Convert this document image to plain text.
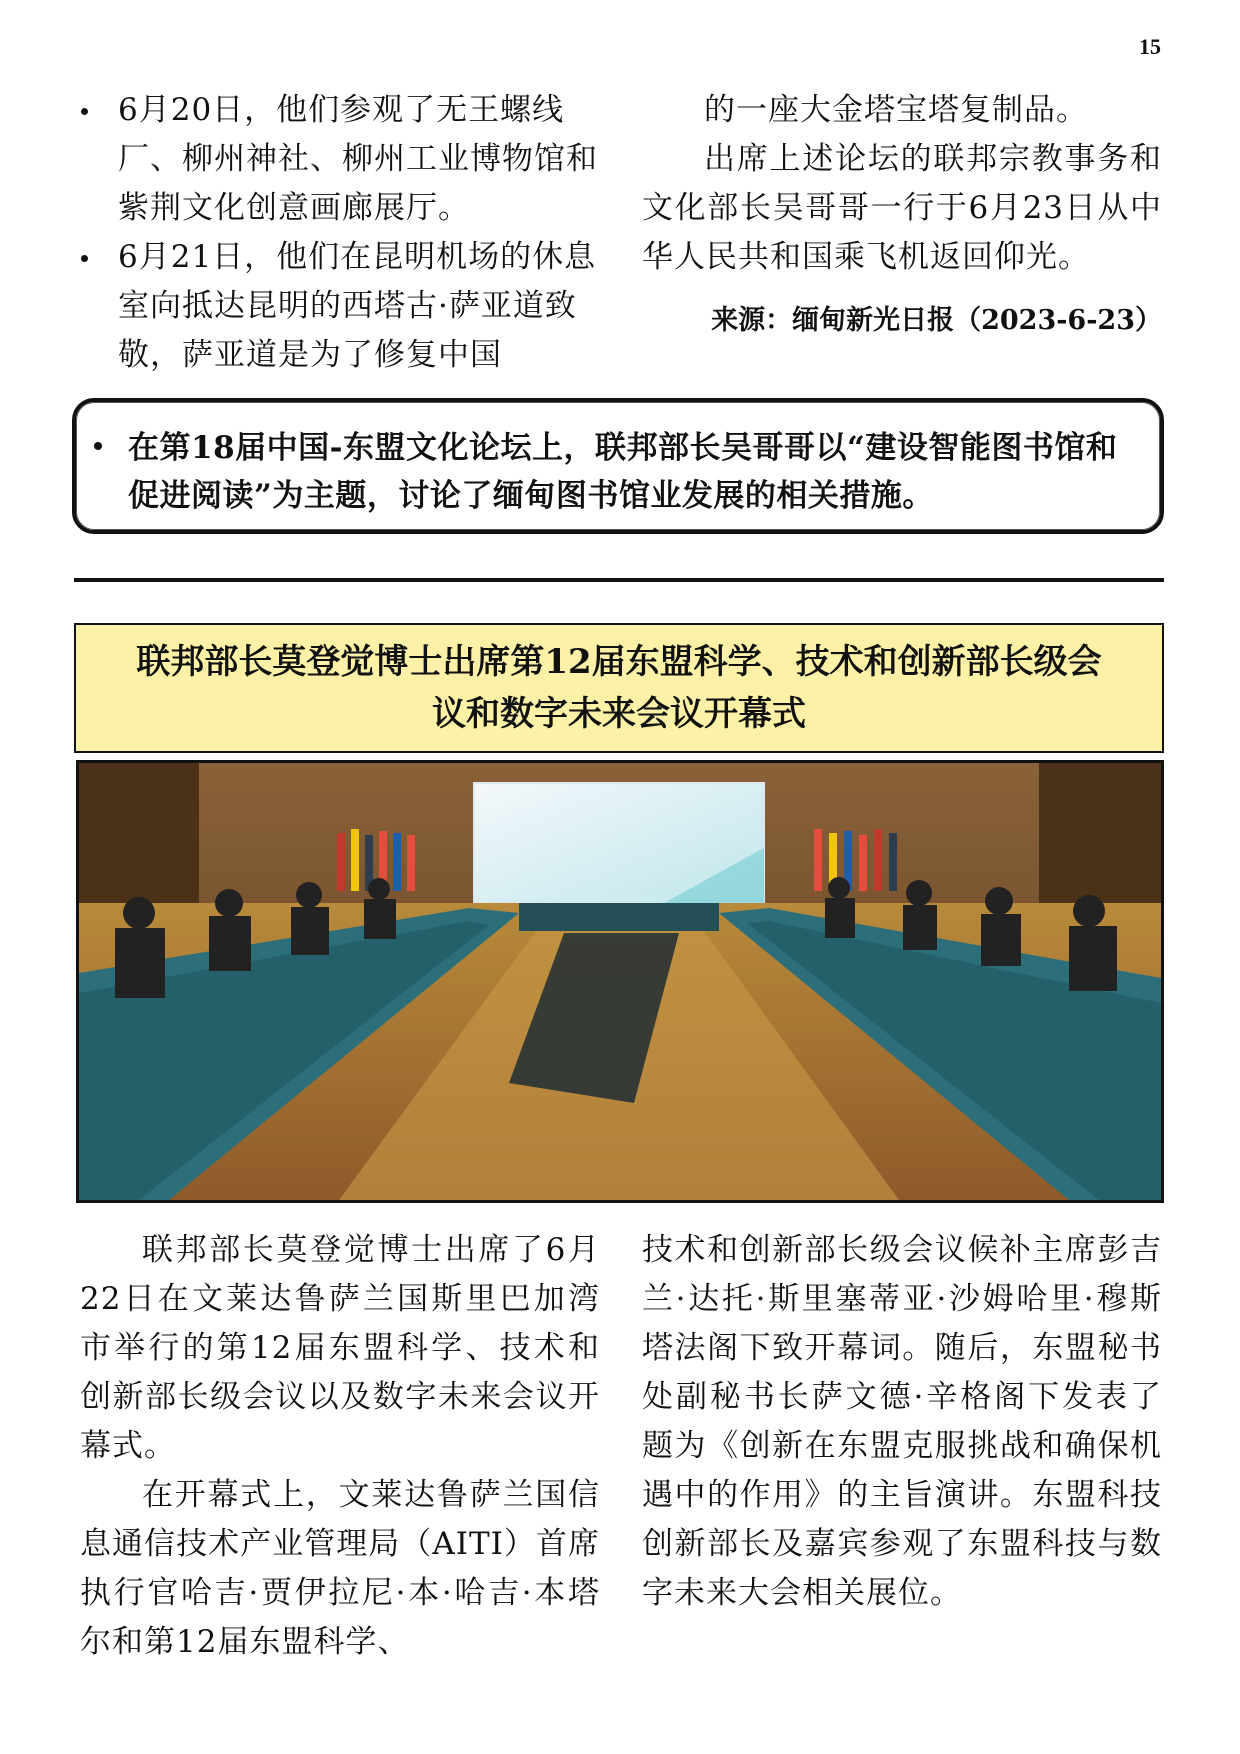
15
6月20日，他们参观了无王螺线厂、柳州神社、柳州工业博物馆和紫荆文化创意画廊展厅。
6月21日，他们在昆明机场的休息室向抵达昆明的西塔古·萨亚道致敬，萨亚道是为了修复中国

的一座大金塔宝塔复制品。

出席上述论坛的联邦宗教事务和文化部长吴哥哥一行于6月23日从中华人民共和国乘飞机返回仰光。

来源：缅甸新光日报（2023-6-23）

在第18届中国-东盟文化论坛上，联邦部长吴哥哥以“建设智能图书馆和促进阅读”为主题，讨论了缅甸图书馆业发展的相关措施。
联邦部长莫登觉博士出席第12届东盟科学、技术和创新部长级会
议和数字未来会议开幕式

联邦部长莫登觉博士出席了6月22日在文莱达鲁萨兰国斯里巴加湾市举行的第12届东盟科学、技术和创新部长级会议以及数字未来会议开幕式。

在开幕式上，文莱达鲁萨兰国信息通信技术产业管理局（AITI）首席执行官哈吉·贾伊拉尼·本·哈吉·本塔尔和第12届东盟科学、

技术和创新部长级会议候补主席彭吉兰·达托·斯里塞蒂亚·沙姆哈里·穆斯塔法阁下致开幕词。随后，东盟秘书处副秘书长萨文德·辛格阁下发表了题为《创新在东盟克服挑战和确保机遇中的作用》的主旨演讲。东盟科技创新部长及嘉宾参观了东盟科技与数字未来大会相关展位。
